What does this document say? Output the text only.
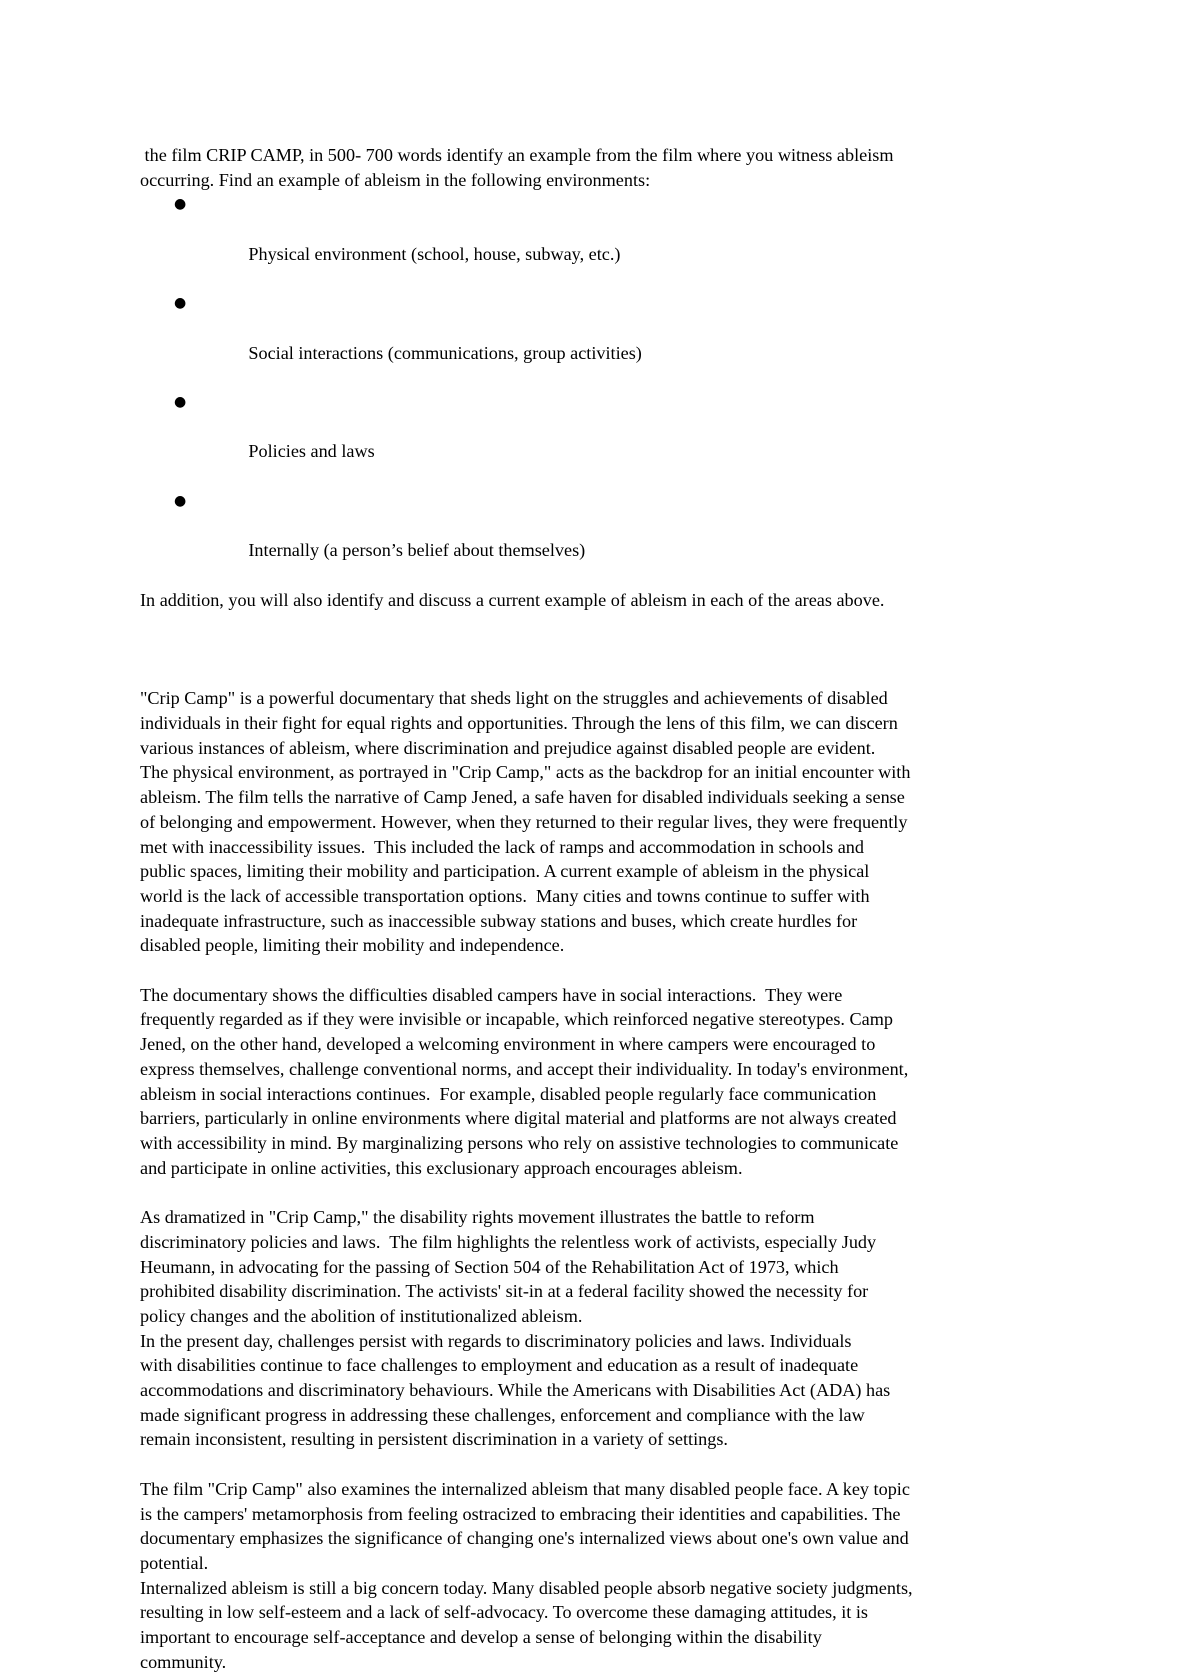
the film CRIP CAMP, in 500- 700 words identify an example from the film where you witness ableism
occurring. Find an example of ableism in the following environments:

●

Physical environment (school, house, subway, etc.)

●

Social interactions (communications, group activities)

●

Policies and laws

●

Internally (a person’s belief about themselves)

In addition, you will also identify and discuss a current example of ableism in each of the areas above.
"Crip Camp" is a powerful documentary that sheds light on the struggles and achievements of disabled
individuals in their fight for equal rights and opportunities. Through the lens of this film, we can discern
various instances of ableism, where discrimination and prejudice against disabled people are evident.
The physical environment, as portrayed in "Crip Camp," acts as the backdrop for an initial encounter with
ableism. The film tells the narrative of Camp Jened, a safe haven for disabled individuals seeking a sense
of belonging and empowerment. However, when they returned to their regular lives, they were frequently
met with inaccessibility issues.  This included the lack of ramps and accommodation in schools and
public spaces, limiting their mobility and participation. A current example of ableism in the physical
world is the lack of accessible transportation options.  Many cities and towns continue to suffer with
inadequate infrastructure, such as inaccessible subway stations and buses, which create hurdles for
disabled people, limiting their mobility and independence.
The documentary shows the difficulties disabled campers have in social interactions.  They were
frequently regarded as if they were invisible or incapable, which reinforced negative stereotypes. Camp
Jened, on the other hand, developed a welcoming environment in where campers were encouraged to
express themselves, challenge conventional norms, and accept their individuality. In today's environment,
ableism in social interactions continues.  For example, disabled people regularly face communication
barriers, particularly in online environments where digital material and platforms are not always created
with accessibility in mind. By marginalizing persons who rely on assistive technologies to communicate
and participate in online activities, this exclusionary approach encourages ableism.
As dramatized in "Crip Camp," the disability rights movement illustrates the battle to reform
discriminatory policies and laws.  The film highlights the relentless work of activists, especially Judy
Heumann, in advocating for the passing of Section 504 of the Rehabilitation Act of 1973, which
prohibited disability discrimination. The activists' sit-in at a federal facility showed the necessity for
policy changes and the abolition of institutionalized ableism.
In the present day, challenges persist with regards to discriminatory policies and laws. Individuals
with disabilities continue to face challenges to employment and education as a result of inadequate
accommodations and discriminatory behaviours. While the Americans with Disabilities Act (ADA) has
made significant progress in addressing these challenges, enforcement and compliance with the law
remain inconsistent, resulting in persistent discrimination in a variety of settings.
The film "Crip Camp" also examines the internalized ableism that many disabled people face. A key topic
is the campers' metamorphosis from feeling ostracized to embracing their identities and capabilities. The
documentary emphasizes the significance of changing one's internalized views about one's own value and
potential.
Internalized ableism is still a big concern today. Many disabled people absorb negative society judgments,
resulting in low self-esteem and a lack of self-advocacy. To overcome these damaging attitudes, it is
important to encourage self-acceptance and develop a sense of belonging within the disability
community.
